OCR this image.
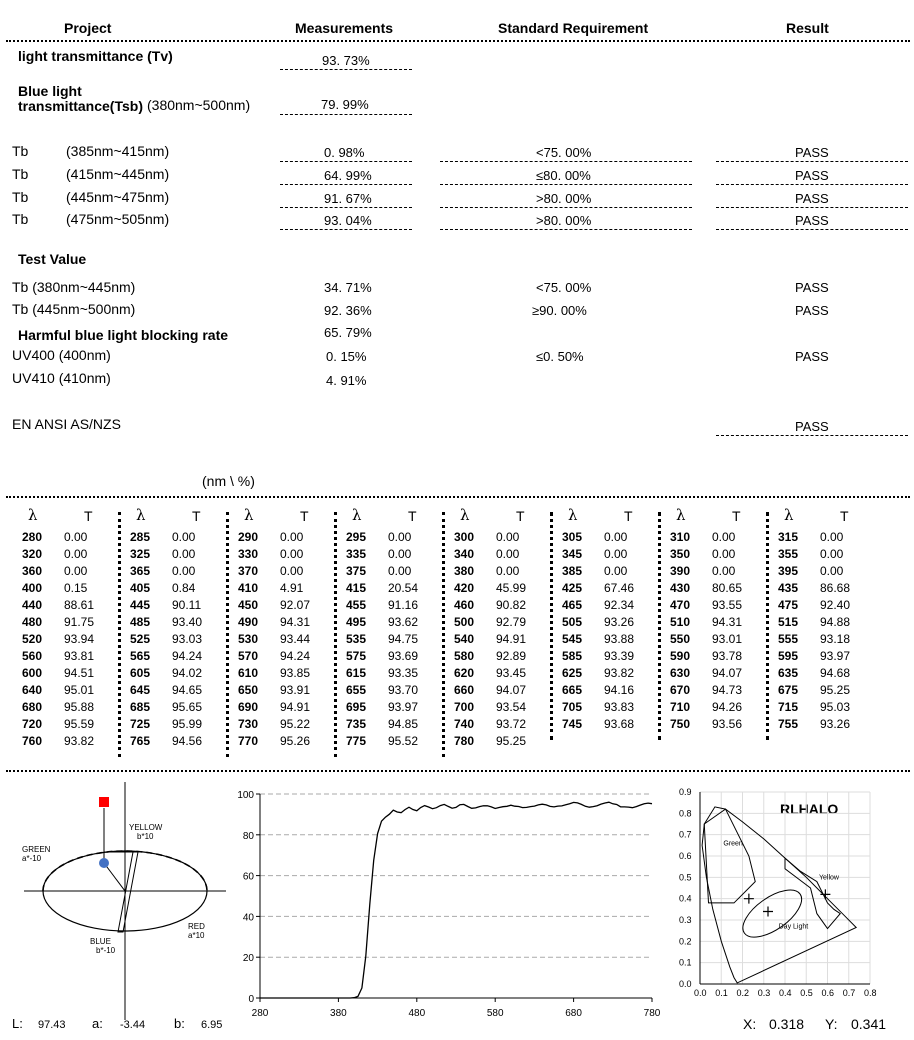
Project	Measurements	Standard Requirement	Result
light transmittance (Tv)	93. 73%
Blue light
transmittance(Tsb) (380nm~500nm)	79. 99%
Tb	(385nm~415nm)	0. 98%	<75. 00%	PASS
Tb	(415nm~445nm)	64. 99%	≤80. 00%	PASS
Tb	(445nm~475nm)	91. 67%	>80. 00%	PASS
Tb	(475nm~505nm)	93. 04%	>80. 00%	PASS
Test Value
Tb (380nm~445nm)	34. 71%	<75. 00%	PASS
Tb (445nm~500nm)	92. 36%	≥90. 00%	PASS
Harmful blue light blocking rate	65. 79%
UV400 (400nm)	0. 15%	≤0. 50%	PASS
UV410 (410nm)	4. 91%
EN ANSI AS/NZS	PASS
(nm \ %)
λ	T
280 0.00
320 0.00
360 0.00
400 0.15
440 88.61
480 91.75
520 93.94
560 93.81
600 94.51
640 95.01
680 95.88
720 95.59
760 93.82
λ	T
285 0.00
325 0.00
365 0.00
405 0.84
445 90.11
485 93.40
525 93.03
565 94.24
605 94.02
645 94.65
685 95.65
725 95.99
765 94.56
λ	T
290 0.00
330 0.00
370 0.00
410 4.91
450 92.07
490 94.31
530 93.44
570 94.24
610 93.85
650 93.91
690 94.91
730 95.22
770 95.26
λ	T
295 0.00
335 0.00
375 0.00
415 20.54
455 91.16
495 93.62
535 94.75
575 93.69
615 93.35
655 93.70
695 93.97
735 94.85
775 95.52
λ	T
300 0.00
340 0.00
380 0.00
420 45.99
460 90.82
500 92.79
540 94.91
580 92.89
620 93.45
660 94.07
700 93.54
740 93.72
780 95.25
λ	T
305 0.00
345 0.00
385 0.00
425 67.46
465 92.34
505 93.26
545 93.88
585 93.39
625 93.82
665 94.16
705 93.83
745 93.68
λ	T
310 0.00
350 0.00
390 0.00
430 80.65
470 93.55
510 94.31
550 93.01
590 93.78
630 94.07
670 94.73
710 94.26
750 93.56
λ	T
315 0.00
355 0.00
395 0.00
435 86.68
475 92.40
515 94.88
555 93.18
595 93.97
635 94.68
675 95.25
715 95.03
755 93.26
YELLOW
b*10
GREEN
a*-10
RED
a*10
BLUE
b*-10
L: 97.43 a: -3.44 b: 6.95
0
20
40
60
80
100
280	380	480	580	680	780
RLHALO
0.0
0.1
0.2
0.3
0.4
0.5
0.6
0.7
0.8
0.9
0.0 0.1 0.2 0.3 0.4 0.5 0.6 0.7 0.8
Green
Yellow
Day Light
X: 0.318 Y: 0.341
